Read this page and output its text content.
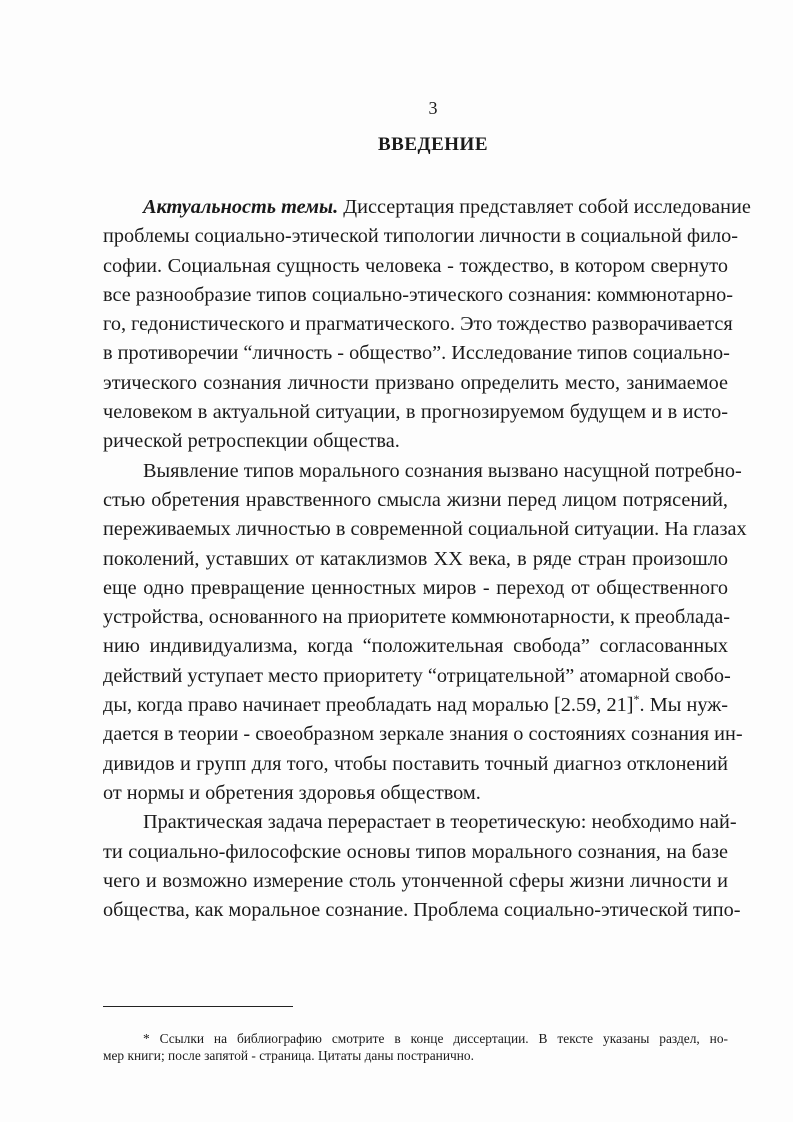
3
ВВЕДЕНИЕ
Актуальность темы. Диссертация представляет собой исследование
проблемы социально-этической типологии личности в социальной фило-
софии. Социальная сущность человека - тождество, в котором свернуто
все разнообразие типов социально-этического сознания: коммюнотарно-
го, гедонистического и прагматического. Это тождество разворачивается
в противоречии “личность - общество”. Исследование типов социально-
этического сознания личности призвано определить место, занимаемое
человеком в актуальной ситуации, в прогнозируемом будущем и в исто-
рической ретроспекции общества.
Выявление типов морального сознания вызвано насущной потребно-
стью обретения нравственного смысла жизни перед лицом потрясений,
переживаемых личностью в современной социальной ситуации. На глазах
поколений, уставших от катаклизмов XX века, в ряде стран произошло
еще одно превращение ценностных миров - переход от общественного
устройства, основанного на приоритете коммюнотарности, к преоблада-
нию индивидуализма, когда “положительная свобода” согласованных
действий уступает место приоритету “отрицательной” атомарной свобо-
ды, когда право начинает преобладать над моралью [2.59, 21]*. Мы нуж-
дается в теории - своеобразном зеркале знания о состояниях сознания ин-
дивидов и групп для того, чтобы поставить точный диагноз отклонений
от нормы и обретения здоровья обществом.
Практическая задача перерастает в теоретическую: необходимо най-
ти социально-философские основы типов морального сознания, на базе
чего и возможно измерение столь утонченной сферы жизни личности и
общества, как моральное сознание. Проблема социально-этической типо-
* Ссылки на библиографию смотрите в конце диссертации. В тексте указаны раздел, но-
мер книги; после запятой - страница. Цитаты даны постранично.
